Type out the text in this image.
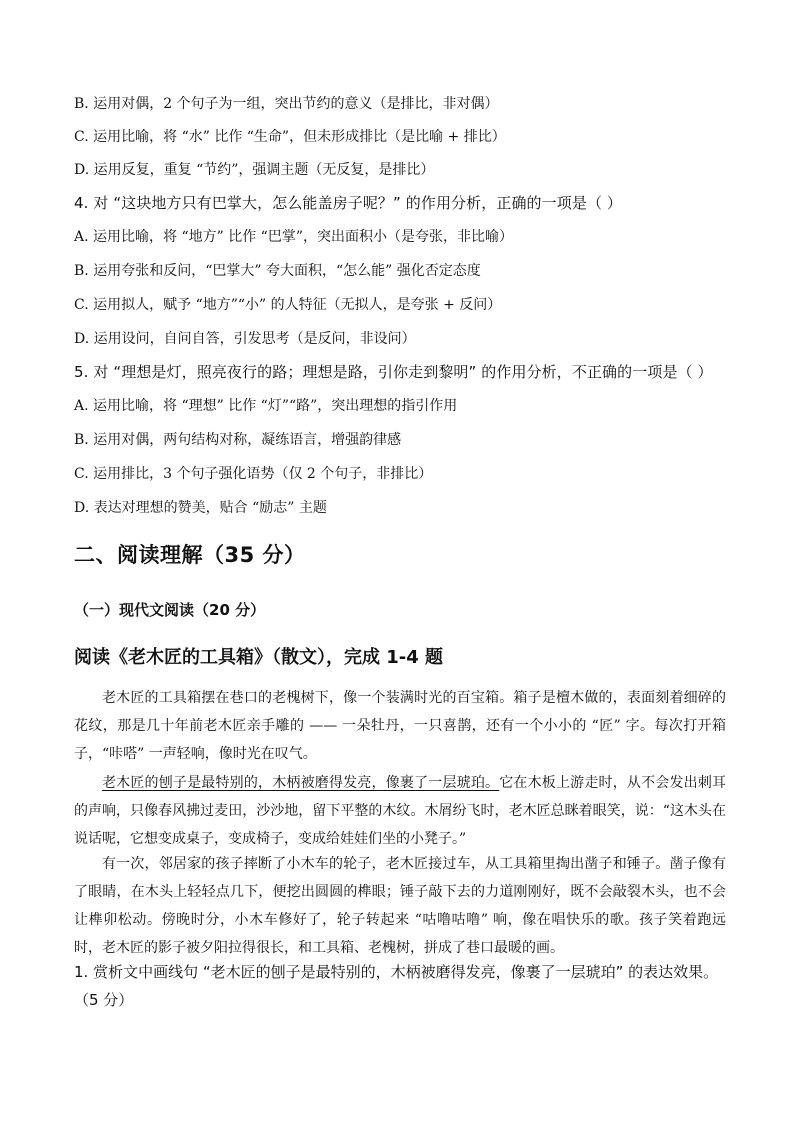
B. 运用对偶，2 个句子为一组，突出节约的意义（是排比，非对偶）
C. 运用比喻，将 “水” 比作 “生命”，但未形成排比（是比喻 + 排比）
D. 运用反复，重复 “节约”，强调主题（无反复，是排比）
4. 对 “这块地方只有巴掌大，怎么能盖房子呢？” 的作用分析，正确的一项是（ ）
A. 运用比喻，将 “地方” 比作 “巴掌”，突出面积小（是夸张，非比喻）
B. 运用夸张和反问，“巴掌大” 夸大面积，“怎么能” 强化否定态度
C. 运用拟人，赋予 “地方”“小” 的人特征（无拟人，是夸张 + 反问）
D. 运用设问，自问自答，引发思考（是反问，非设问）
5. 对 “理想是灯，照亮夜行的路；理想是路，引你走到黎明” 的作用分析，不正确的一项是（ ）
A. 运用比喻，将 “理想” 比作 “灯”“路”，突出理想的指引作用
B. 运用对偶，两句结构对称，凝练语言，增强韵律感
C. 运用排比，3 个句子强化语势（仅 2 个句子，非排比）
D. 表达对理想的赞美，贴合 “励志” 主题
二、阅读理解（35 分）
（一）现代文阅读（20 分）
阅读《老木匠的工具箱》（散文），完成 1-4 题
老木匠的工具箱摆在巷口的老槐树下，像一个装满时光的百宝箱。箱子是檀木做的，表面刻着细碎的花纹，那是几十年前老木匠亲手雕的 —— 一朵牡丹，一只喜鹊，还有一个小小的 “匠” 字。每次打开箱子，“咔嗒” 一声轻响，像时光在叹气。
老木匠的刨子是最特别的，木柄被磨得发亮，像裹了一层琥珀。它在木板上游走时，从不会发出刺耳的声响，只像春风拂过麦田，沙沙地，留下平整的木纹。木屑纷飞时，老木匠总眯着眼笑，说：“这木头在说话呢，它想变成桌子，变成椅子，变成给娃娃们坐的小凳子。”
有一次，邻居家的孩子摔断了小木车的轮子，老木匠接过车，从工具箱里掏出凿子和锤子。凿子像有了眼睛，在木头上轻轻点几下，便挖出圆圆的榫眼；锤子敲下去的力道刚刚好，既不会敲裂木头，也不会让榫卯松动。傍晚时分，小木车修好了，轮子转起来 “咕噜咕噜” 响，像在唱快乐的歌。孩子笑着跑远时，老木匠的影子被夕阳拉得很长，和工具箱、老槐树，拼成了巷口最暖的画。
1. 赏析文中画线句 “老木匠的刨子是最特别的，木柄被磨得发亮，像裹了一层琥珀” 的表达效果。
（5 分）
